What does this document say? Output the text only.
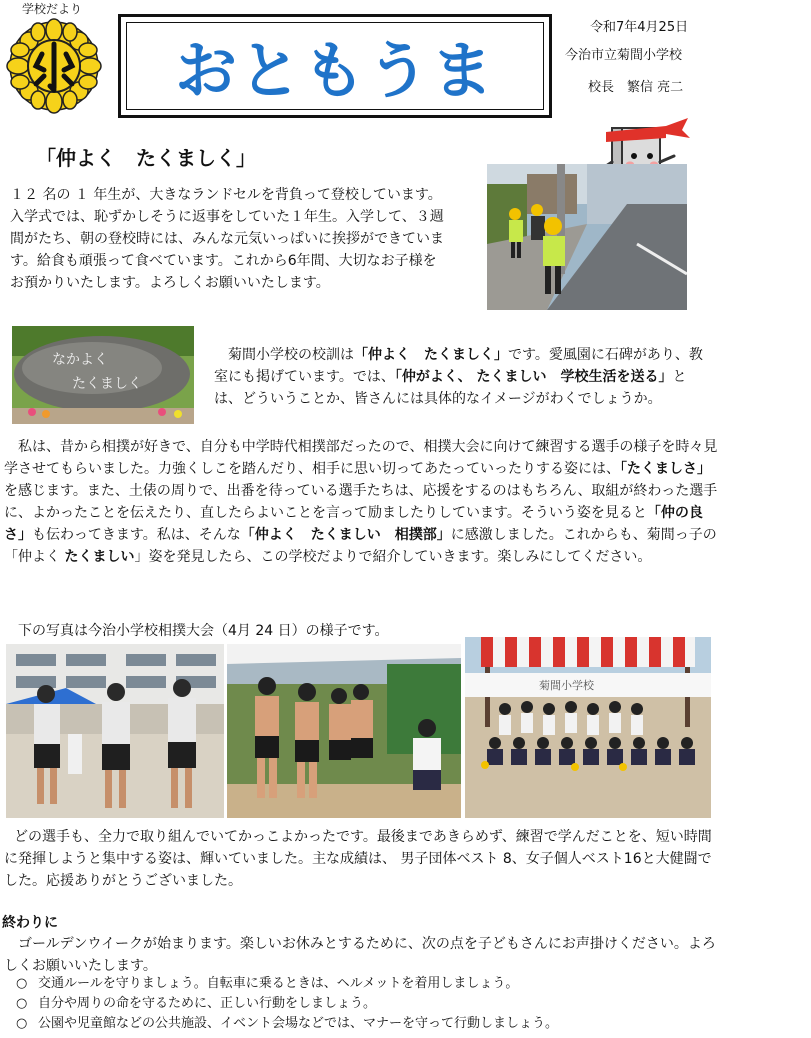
学校だより
おともうま
令和7年4月25日
今治市立菊間小学校
校長　繁信 亮二
「仲よく　たくましく」
１２ 名の １ 年生が、大きなランドセルを背負って登校しています。入学式では、恥ずかしそうに返事をしていた１年生。入学して、３週間がたち、朝の登校時には、みんな元気いっぱいに挨拶ができています。給食も頑張って食べています。これから6年間、大切なお子様をお預かりいたします。よろしくお願いいたします。
なかよく
たくましく
菊間小学校の校訓は「仲よく　たくましく」です。愛風園に石碑があり、教室にも掲げています。では、「仲がよく、 たくましい　学校生活を送る」とは、どういうことか、皆さんには具体的なイメージがわくでしょうか。
私は、昔から相撲が好きで、自分も中学時代相撲部だったので、相撲大会に向けて練習する選手の様子を時々見学させてもらいました。力強くしこを踏んだり、相手に思い切ってあたっていったりする姿には、「たくましさ」を感じます。また、土俵の周りで、出番を待っている選手たちは、応援をするのはもちろん、取組が終わった選手に、よかったことを伝えたり、直したらよいことを言って励ましたりしています。そういう姿を見ると「仲の良さ」も伝わってきます。私は、そんな「仲よく　たくましい　相撲部」に感激しました。これからも、菊間っ子の「仲よく たくましい」姿を発見したら、この学校だよりで紹介していきます。楽しみにしてください。
下の写真は今治小学校相撲大会（4月 24 日）の様子です。
菊間小学校
どの選手も、全力で取り組んでいてかっこよかったです。最後まであきらめず、練習で学んだことを、短い時間に発揮しようと集中する姿は、輝いていました。主な成績は、 男子団体ベスト 8、女子個人ベスト16と大健闘でした。応援ありがとうございました。
終わりに
ゴールデンウイークが始まります。楽しいお休みとするために、次の点を子どもさんにお声掛けください。よろしくお願いいたします。
○ 交通ルールを守りましょう。自転車に乗るときは、ヘルメットを着用しましょう。
○ 自分や周りの命を守るために、正しい行動をしましょう。
○ 公園や児童館などの公共施設、イベント会場などでは、マナーを守って行動しましょう。
